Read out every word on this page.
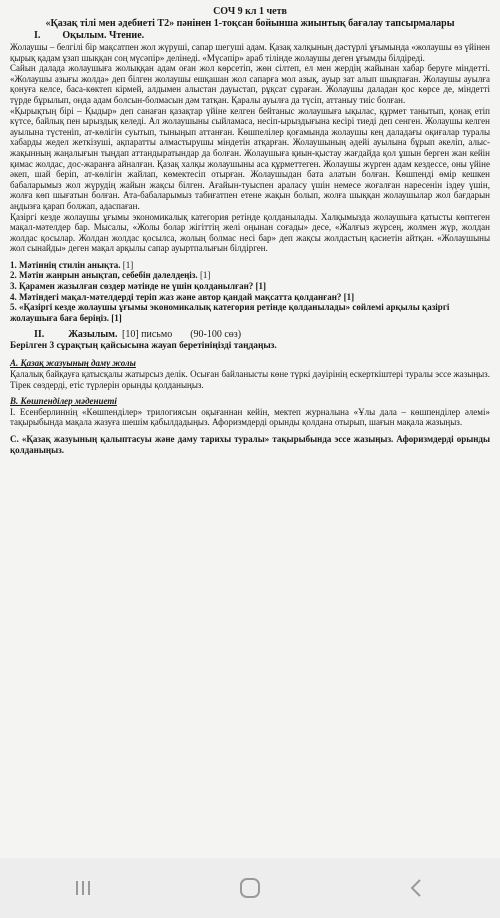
СОЧ 9 кл 1 четв
«Қазақ тілі мен әдебиеті Т2» пәнінен 1-тоқсан бойынша жиынтық бағалау тапсырмалары
I. Оқылым. Чтение.

Жолаушы – белгілі бір мақсатпен жол жүруші, сапар шегуші адам. Қазақ халқының дәстүрлі ұғымында «жолаушы өз үйінен қырық қадам ұзап шыққан соң мүсәпір» делінеді. «Мүсәпір» араб тілінде жолаушы деген ұғымды білдіреді.

Сайын далада жолаушыға жолыққан адам оған жол көрсетіп, жөн сілтеп, ел мен жердің жайынан хабар беруге міндетті. «Жолаушы азығы жолда» деп білген жолаушы ешқашан жол сапарға мол азық, ауыр зат алып шықпаған. Жолаушы ауылға қонуға келсе, баса-көктеп кірмей, алдымен алыстан дауыстап, рұқсат сұраған. Жолаушы даладан қос көрсе де, міндетті түрде бұрылып, онда адам болсын-болмасын дәм татқан. Қаралы ауылға да түсіп, аттаныу тиіс болған.

«Қырықтың бірі – Қыдыр» деп санаған қазақтар үйіне келген бейтаныс жолаушыға ықылас, құрмет танытып, қонақ етіп күтсе, байлық пен ырыздық келеді. Ал жолаушыны сыйламаса, несіп-ырыздығына кесірі тиеді деп сенген. Жолаушы келген ауылына түстеніп, ат-көлігін суытып, тыныңып аттанған. Көшпелілер қоғамында жолаушы кең даладағы оқиғалар туралы хабарды жедел жеткізуші, ақпаратты алмастырушы міндетін атқарған. Жолаушының әдейі ауылына бұрып әкеліп, алыс-жақынның жаңалығын тыңдап аттандыратындар да болған. Жолаушыға қиын-қыстау жағдайда қол ұшын берген жан кейін қимас жолдас, дос-жаранға айналған. Қазақ халқы жолаушыны аса құрметтеген. Жолаушы жүрген адам кездессе, оны үйіне әкеп, шай беріп, ат-көлігін жайлап, көмектесіп отырған. Жолаушыдан бата алатын болған. Көшпенді өмір кешкен бабаларымыз жол жүрудің жайын жақсы білген. Ағайын-туыспен араласу үшін немесе жоғалған наресенін іздеу үшін, жолға көп шығатын болған. Ата-бабаларымыз табиғатпен етене жақын болып, жолға шыққан жолаушылар жол бағдарын аңдызға қарап болжап, адаспаған.

Қазіргі кезде жолаушы ұғымы экономикалық категория ретінде қолданылады. Халқымызда жолаушыға қатысты көптеген мақал-мәтелдер бар. Мысалы, «Жолы болар жігіттің желі оңынан соғады» десе, «Жалғыз жүрсең, жолмен жүр, жолдан жолдас қосылар. Жолдан жолдас қосылса, жолың болмас несі бар» деп жақсы жолдастың қасиетін айтқан. «Жолаушыны жол сынайды» деген мақал арқылы сапар ауыртпалығын білдірген.

1. Мәтіннің стилін анықта. [1]

2. Мәтін жанрын анықтап, себебін дәлелдеңіз. [1]

3. Қарамен жазылған сөздер мәтінде не үшін қолданылған? [1]

4. Мәтіндегі мақал-мәтелдерді теріп жаз және автор қандай мақсатта қолданған? [1]

5. «Қазіргі кезде жолаушы ұғымы экономикалық категория ретінде қолданылады» сөйлемі арқылы қазіргі жолаушыға баға беріңіз. [1]

II. Жазылым. [10] письмо (90-100 сөз)

Берілген 3 сұрақтың қайсысына жауап беретініңізді таңдаңыз.

A. Қазақ жазуының даму жолы

Қалалық байқауға қатысқалы жатырсыз делік. Осыған байланысты көне түркі дәуірінің ескерткіштері туралы эссе жазыңыз. Тірек сөздерді, етіс түрлерін орынды қолданыңыз.

B. Көшпенділер мәдениеті

І. Есенберлиннің «Көшпенділер» трилогиясын оқығаннан кейін, мектеп журналына «Ұлы дала – көшпенділер әлемі» тақырыбында мақала жазуға шешім қабылдадыңыз. Афоризмдерді орынды қолдана отырып, шағын мақала жазыңыз.

C. «Қазақ жазуының қалыптасуы және даму тарихы туралы» тақырыбында эссе жазыңыз. Афоризмдерді орынды қолданыңыз.
